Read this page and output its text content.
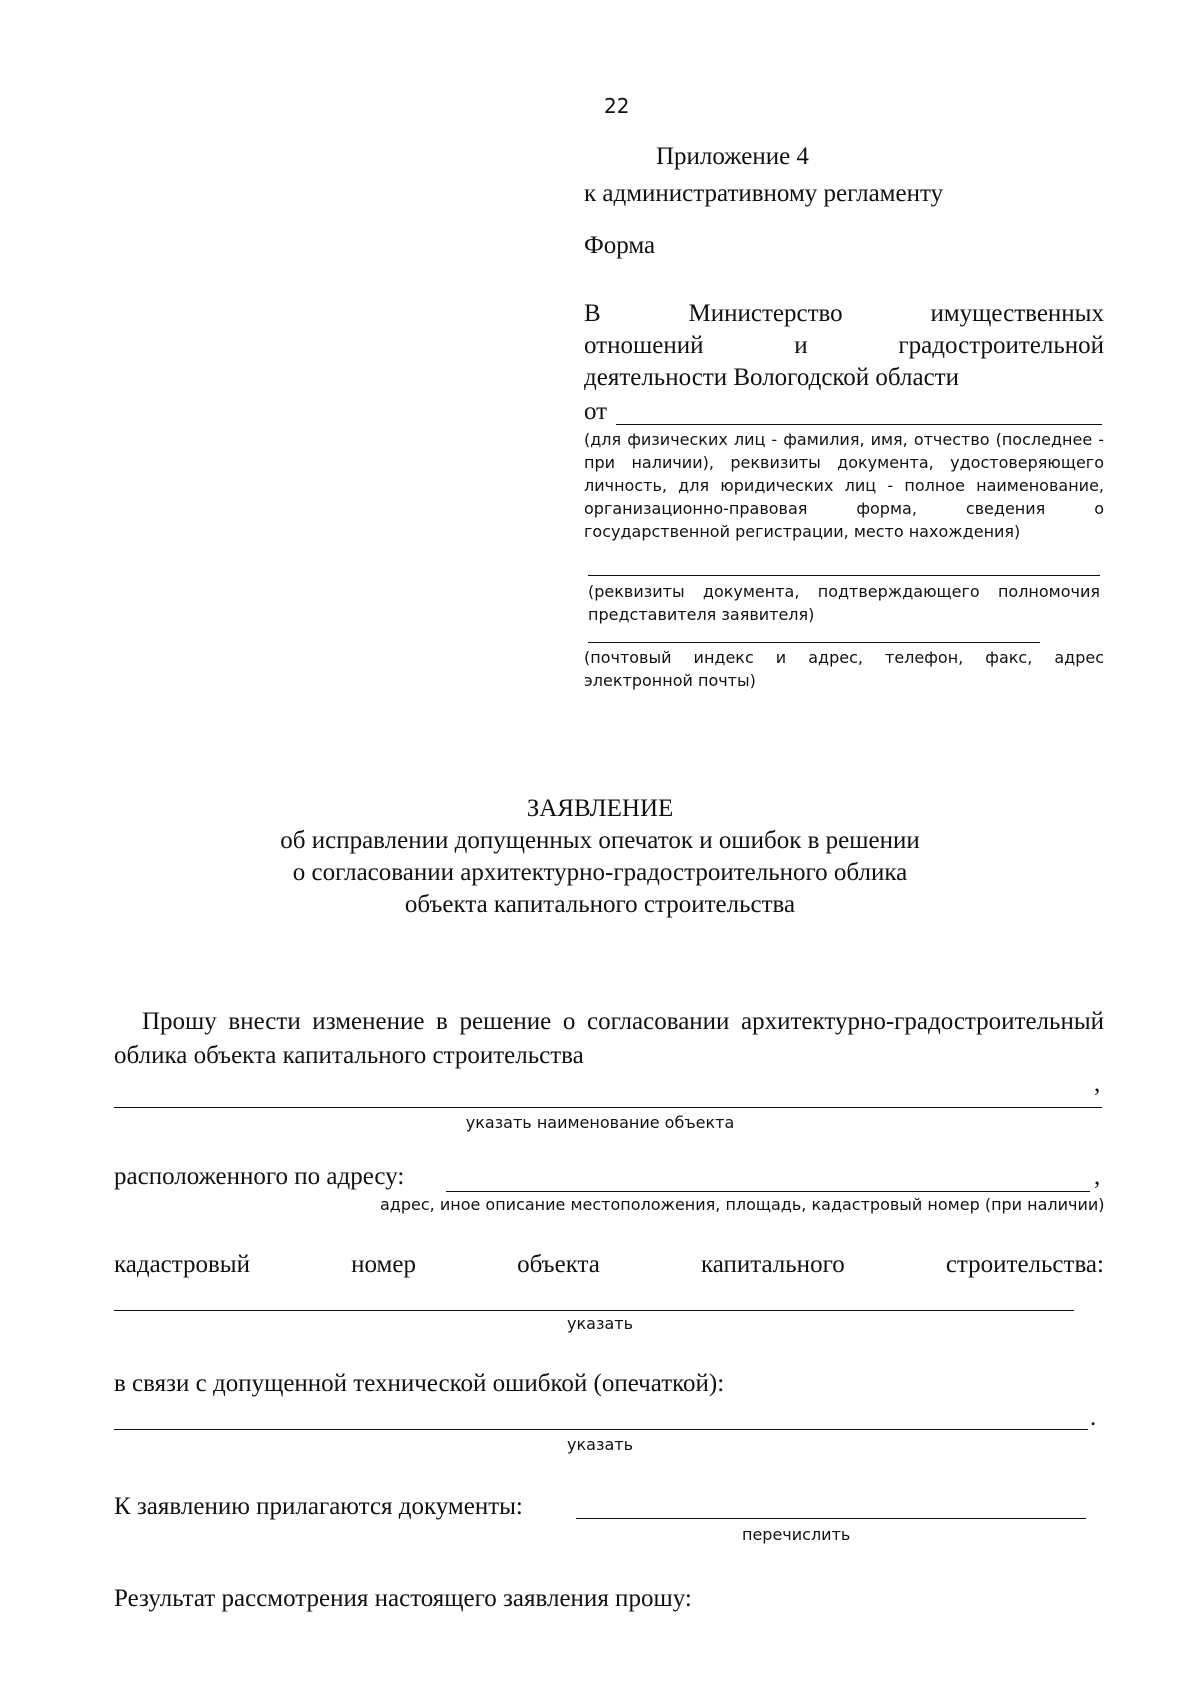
22
Приложение 4
к административному регламенту
Форма
В	Министерство	имущественных
отношений	и	градостроительной
деятельности Вологодской области
от
(для физических лиц - фамилия, имя, отчество (последнее - при наличии), реквизиты документа, удостоверяющего личность, для юридических лиц - полное наименование, организационно-правовая форма, сведения о государственной регистрации, место нахождения)
(реквизиты документа, подтверждающего полномочия представителя заявителя)
(почтовый индекс и адрес, телефон, факс, адрес электронной почты)
ЗАЯВЛЕНИЕ
об исправлении допущенных опечаток и ошибок в решении
о согласовании архитектурно-градостроительного облика
объекта капитального строительства
Прошу внести изменение в решение о согласовании архитектурно-градостроительный облика объекта капитального строительства
,
указать наименование объекта
расположенного по адресу:	,
адрес, иное описание местоположения, площадь, кадастровый номер (при наличии)
кадастровый	номер	объекта	капитального	строительства:
указать
в связи с допущенной технической ошибкой (опечаткой):
.
указать
К заявлению прилагаются документы:
перечислить
Результат рассмотрения настоящего заявления прошу:
